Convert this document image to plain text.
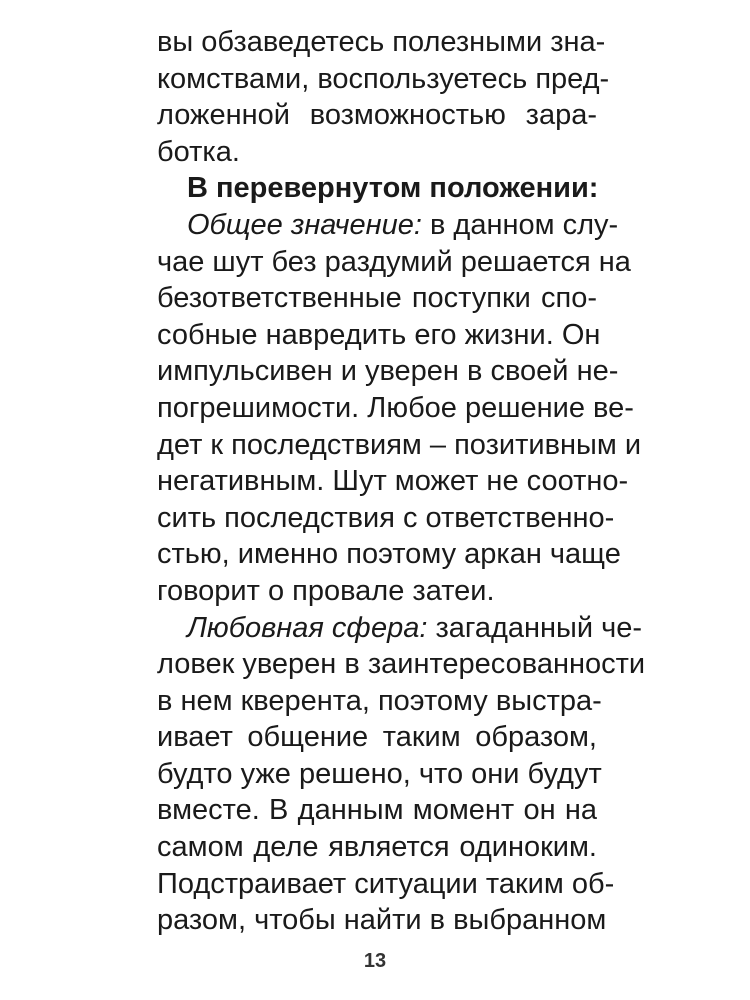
вы обзаведетесь полезными зна-
комствами, воспользуетесь пред-
ложенной возможностью зара-
ботка.
В перевернутом положении:
Общее значение: в данном слу-
чае шут без раздумий решается на
безответственные поступки спо-
собные навредить его жизни. Он
импульсивен и уверен в своей не-
погрешимости. Любое решение ве-
дет к последствиям – позитивным и
негативным. Шут может не соотно-
сить последствия с ответственно-
стью, именно поэтому аркан чаще
говорит о провале затеи.
Любовная сфера: загаданный че-
ловек уверен в заинтересованности
в нем кверента, поэтому выстра-
ивает общение таким образом,
будто уже решено, что они будут
вместе. В данным момент он на
самом деле является одиноким.
Подстраивает ситуации таким об-
разом, чтобы найти в выбранном
13
